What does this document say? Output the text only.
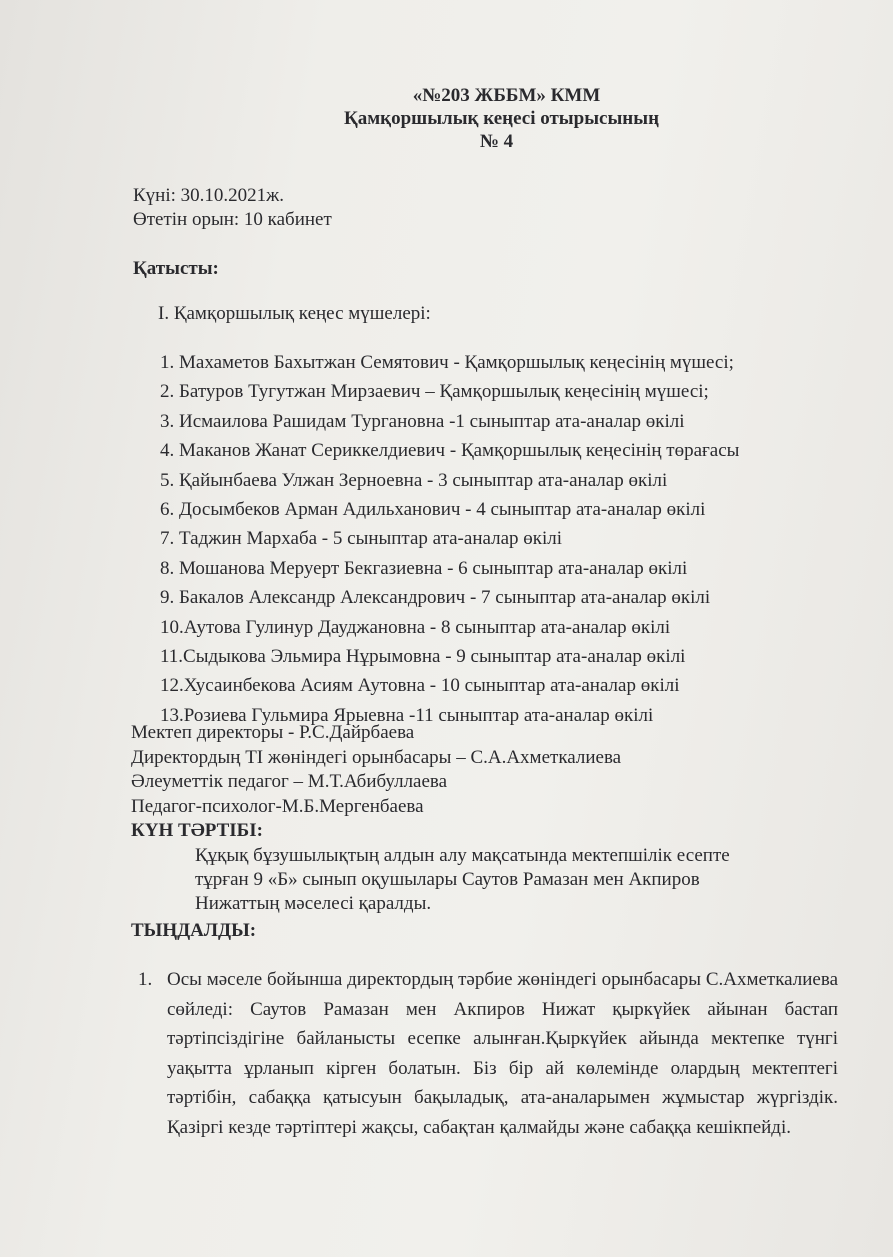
«№203 ЖББМ» КММ
Қамқоршылық кеңесі отырысының
№ 4
Күні: 30.10.2021ж.
Өтетін орын: 10 кабинет
Қатысты:
I. Қамқоршылық кеңес мүшелері:
1. Махаметов Бахытжан Семятович - Қамқоршылық кеңесінің мүшесі;
2. Батуров Тугутжан Мирзаевич – Қамқоршылық кеңесінің мүшесі;
3. Исмаилова Рашидам Тургановна -1 сыныптар ата-аналар өкілі
4. Маканов Жанат Сериккелдиевич - Қамқоршылық кеңесінің төрағасы
5. Қайынбаева Улжан Зерноевна - 3 сыныптар ата-аналар өкілі
6. Досымбеков Арман Адильханович - 4 сыныптар ата-аналар өкілі
7. Таджин Мархаба - 5 сыныптар ата-аналар өкілі
8. Мошанова Меруерт Бекгазиевна - 6 сыныптар ата-аналар өкілі
9. Бакалов Александр Александрович - 7 сыныптар ата-аналар өкілі
10.Аутова Гулинур Дауджановна - 8 сыныптар ата-аналар өкілі
11.Сыдыкова Эльмира Нұрымовна - 9 сыныптар ата-аналар өкілі
12.Хусаинбекова Асиям Аутовна - 10 сыныптар ата-аналар өкілі
13.Розиева Гульмира Ярыевна -11 сыныптар ата-аналар өкілі
Мектеп директоры - Р.С.Дайрбаева
Директордың ТІ жөніндегі орынбасары – С.А.Ахметкалиева
Әлеуметтік педагог – М.Т.Абибуллаева
Педагог-психолог-М.Б.Мергенбаева
КҮН ТӘРТІБІ:
Құқық бұзушылықтың алдын алу мақсатында мектепшілік есепте
тұрған 9 «Б» сынып оқушылары Саутов Рамазан мен Акпиров
Нижаттың мәселесі қаралды.
ТЫҢДАЛДЫ:
1. Осы мәселе бойынша директордың тәрбие жөніндегі орынбасары С.Ахметкалиева сөйледі: Саутов Рамазан мен Акпиров Нижат қыркүйек айынан бастап тәртіпсіздігіне байланысты есепке алынған.Қыркүйек айында мектепке түнгі уақытта ұрланып кірген болатын. Біз бір ай көлемінде олардың мектептегі тәртібін, сабаққа қатысуын бақыладық, ата-аналарымен жұмыстар жүргіздік. Қазіргі кезде тәртіптері жақсы, сабақтан қалмайды және сабаққа кешікпейді.
